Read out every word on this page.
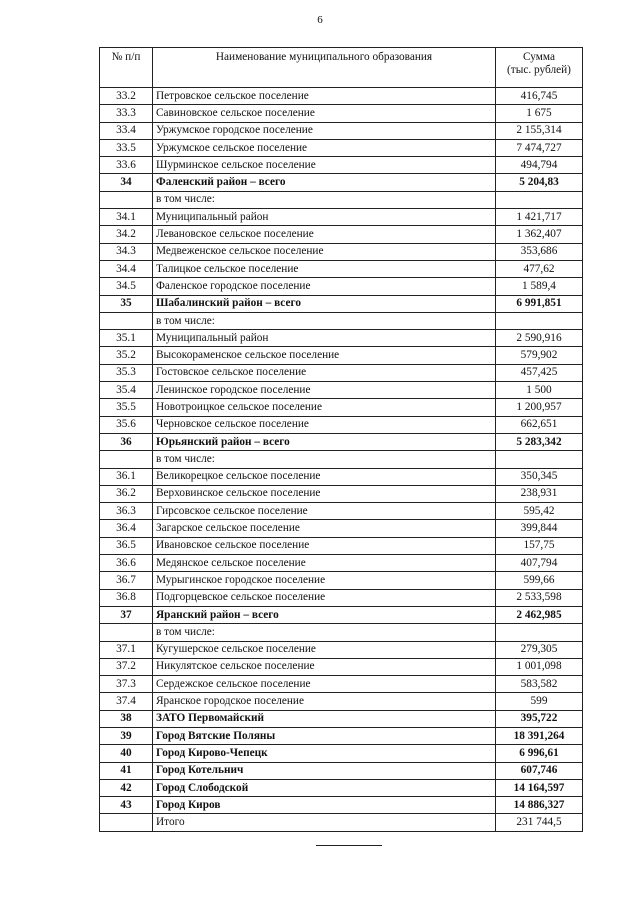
6
№ п/п	Наименование муниципального образования	Сумма
(тыс. рублей)

33.2	Петровское сельское поселение	416,745
33.3	Савиновское сельское поселение	1 675
33.4	Уржумское городское поселение	2 155,314
33.5	Уржумское сельское поселение	7 474,727
33.6	Шурминское сельское поселение	494,794
34	Фаленский район – всего	5 204,83
	в том числе:	
34.1	Муниципальный район	1 421,717
34.2	Левановское сельское поселение	1 362,407
34.3	Медвеженское сельское поселение	353,686
34.4	Талицкое сельское поселение	477,62
34.5	Фаленское городское поселение	1 589,4
35	Шабалинский район – всего	6 991,851
	в том числе:	
35.1	Муниципальный район	2 590,916
35.2	Высокораменское сельское поселение	579,902
35.3	Гостовское сельское поселение	457,425
35.4	Ленинское городское поселение	1 500
35.5	Новотроицкое сельское поселение	1 200,957
35.6	Черновское сельское поселение	662,651
36	Юрьянский район – всего	5 283,342
	в том числе:	
36.1	Великорецкое сельское поселение	350,345
36.2	Верховинское сельское поселение	238,931
36.3	Гирсовское сельское поселение	595,42
36.4	Загарское сельское поселение	399,844
36.5	Ивановское сельское поселение	157,75
36.6	Медянское сельское поселение	407,794
36.7	Мурыгинское городское поселение	599,66
36.8	Подгорцевское сельское поселение	2 533,598
37	Яранский район – всего	2 462,985
	в том числе:	
37.1	Кугушерское сельское поселение	279,305
37.2	Никулятское сельское поселение	1 001,098
37.3	Сердежское сельское поселение	583,582
37.4	Яранское городское поселение	599
38	ЗАТО Первомайский	395,722
39	Город Вятские Поляны	18 391,264
40	Город Кирово-Чепецк	6 996,61
41	Город Котельнич	607,746
42	Город Слободской	14 164,597
43	Город Киров	14 886,327
	Итого	231 744,5
